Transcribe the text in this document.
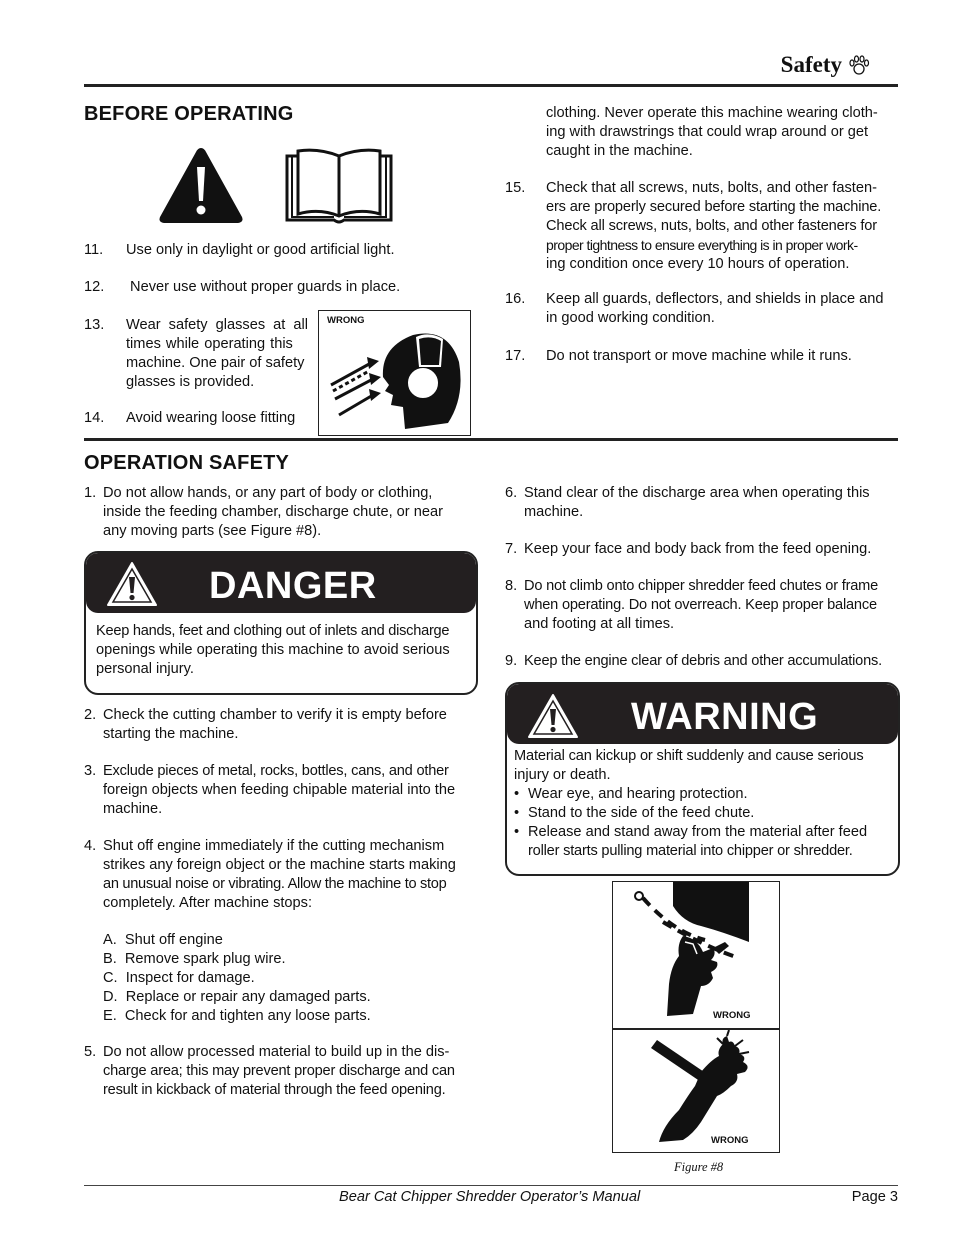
Safety
BEFORE OPERATING
11. Use only in daylight or good artificial light.
12. Never use without proper guards in place.
13. Wear safety glasses at all
times while operating this
machine. One pair of safety
glasses is provided.
14. Avoid wearing loose fitting
WRONG
clothing. Never operate this machine wearing cloth-
ing with drawstrings that could wrap around or get
caught in the machine.
15. Check that all screws, nuts, bolts, and other fasten-
ers are properly secured before starting the machine.
Check all screws, nuts, bolts, and other fasteners for
proper tightness to ensure everything is in proper work-
ing condition once every 10 hours of operation.
16. Keep all guards, deflectors, and shields in place and
in good working condition.
17. Do not transport or move machine while it runs.
OPERATION SAFETY
1. Do not allow hands, or any part of body or clothing,
inside the feeding chamber, discharge chute, or near
any moving parts (see Figure #8).
DANGER
Keep hands, feet and clothing out of inlets and discharge
openings while operating this machine to avoid serious
personal injury.
2. Check the cutting chamber to verify it is empty before
starting the machine.
3. Exclude pieces of metal, rocks, bottles, cans, and other
foreign objects when feeding chipable material into the
machine.
4. Shut off engine immediately if the cutting mechanism
strikes any foreign object or the machine starts making
an unusual noise or vibrating. Allow the machine to stop
completely. After machine stops:
A.  Shut off engine
B.  Remove spark plug wire.
C.  Inspect for damage.
D.  Replace or repair any damaged parts.
E.  Check for and tighten any loose parts.
5. Do not allow processed material to build up in the dis-
charge area; this may prevent proper discharge and can
result in kickback of material through the feed opening.
6. Stand clear of the discharge area when operating this
machine.
7. Keep your face and body back from the feed opening.
8. Do not climb onto chipper shredder feed chutes or frame
when operating. Do not overreach. Keep proper balance
and footing at all times.
9. Keep the engine clear of debris and other accumulations.
WARNING
Material can kickup or shift suddenly and cause serious
injury or death.
• Wear eye, and hearing protection.
• Stand to the side of the feed chute.
• Release and stand away from the material after feed
roller starts pulling material into chipper or shredder.
WRONG
WRONG
Figure #8
Bear Cat Chipper Shredder Operator’s Manual	Page 3
